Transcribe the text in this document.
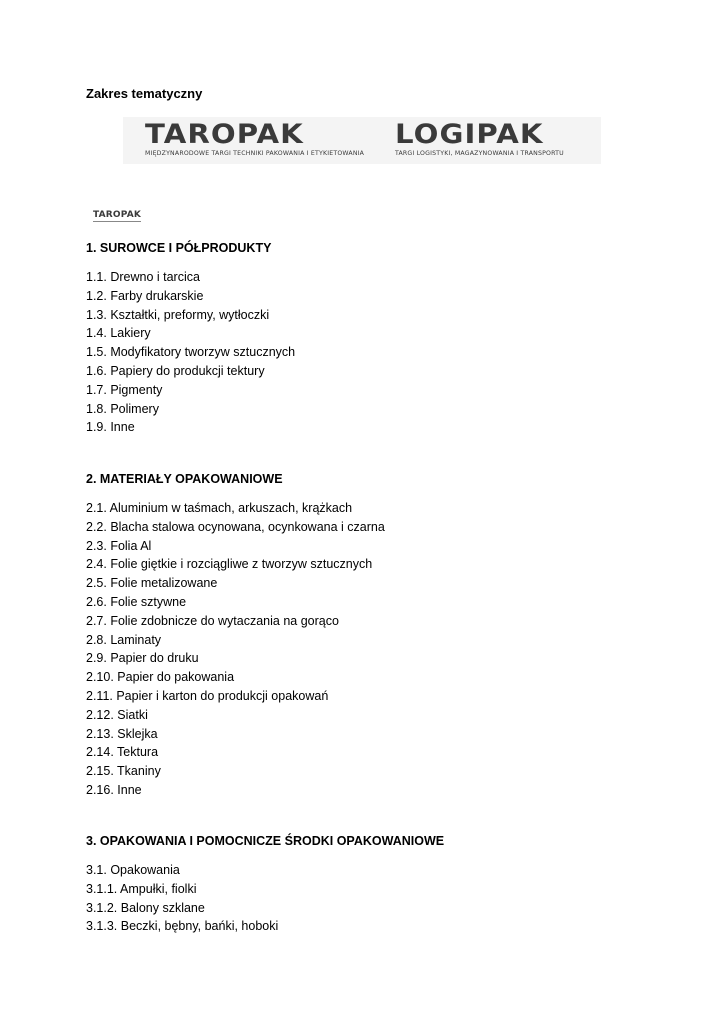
Zakres tematyczny
TAROPAK
MIĘDZYNARODOWE TARGI TECHNIKI PAKOWANIA I ETYKIETOWANIA
LOGIPAK
TARGI LOGISTYKI, MAGAZYNOWANIA I TRANSPORTU
TAROPAK
1. SUROWCE I PÓŁPRODUKTY
1.1. Drewno i tarcica
1.2. Farby drukarskie
1.3. Kształtki, preformy, wytłoczki
1.4. Lakiery
1.5. Modyfikatory tworzyw sztucznych
1.6. Papiery do produkcji tektury
1.7. Pigmenty
1.8. Polimery
1.9. Inne
2. MATERIAŁY OPAKOWANIOWE
2.1. Aluminium w taśmach, arkuszach, krążkach
2.2. Blacha stalowa ocynowana, ocynkowana i czarna
2.3. Folia Al
2.4. Folie giętkie i rozciągliwe z tworzyw sztucznych
2.5. Folie metalizowane
2.6. Folie sztywne
2.7. Folie zdobnicze do wytaczania na gorąco
2.8. Laminaty
2.9. Papier do druku
2.10. Papier do pakowania
2.11. Papier i karton do produkcji opakowań
2.12. Siatki
2.13. Sklejka
2.14. Tektura
2.15. Tkaniny
2.16. Inne
3. OPAKOWANIA I POMOCNICZE ŚRODKI OPAKOWANIOWE
3.1. Opakowania
3.1.1. Ampułki, fiolki
3.1.2. Balony szklane
3.1.3. Beczki, bębny, bańki, hoboki
